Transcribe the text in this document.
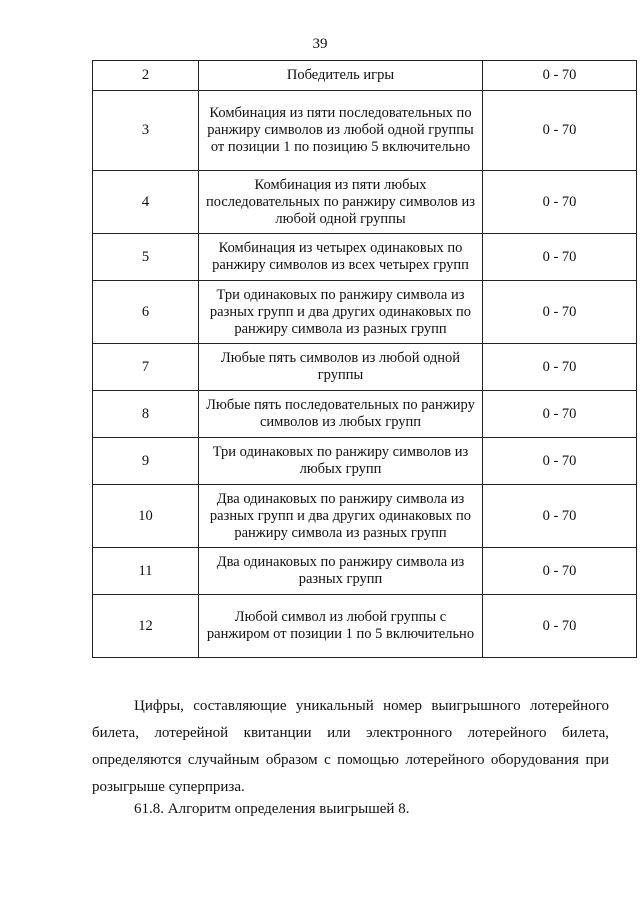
39
2	Победитель игры	0 - 70
3	Комбинация из пяти последовательных по ранжиру символов из любой одной группы от позиции 1 по позицию 5 включительно	0 - 70
4	Комбинация из пяти любых последовательных по ранжиру символов из любой одной группы	0 - 70
5	Комбинация из четырех одинаковых по ранжиру символов из всех четырех групп	0 - 70
6	Три одинаковых по ранжиру символа из разных групп и два других одинаковых по ранжиру символа из разных групп	0 - 70
7	Любые пять символов из любой одной группы	0 - 70
8	Любые пять последовательных по ранжиру символов из любых групп	0 - 70
9	Три одинаковых по ранжиру символов из любых групп	0 - 70
10	Два одинаковых по ранжиру символа из разных групп и два других одинаковых по ранжиру символа из разных групп	0 - 70
11	Два одинаковых по ранжиру символа из разных групп	0 - 70
12	Любой символ из любой группы с ранжиром от позиции 1 по 5 включительно	0 - 70

Цифры, составляющие уникальный номер выигрышного лотерейного билета, лотерейной квитанции или электронного лотерейного билета, определяются случайным образом с помощью лотерейного оборудования при розыгрыше суперприза.

61.8. Алгоритм определения выигрышей 8.
